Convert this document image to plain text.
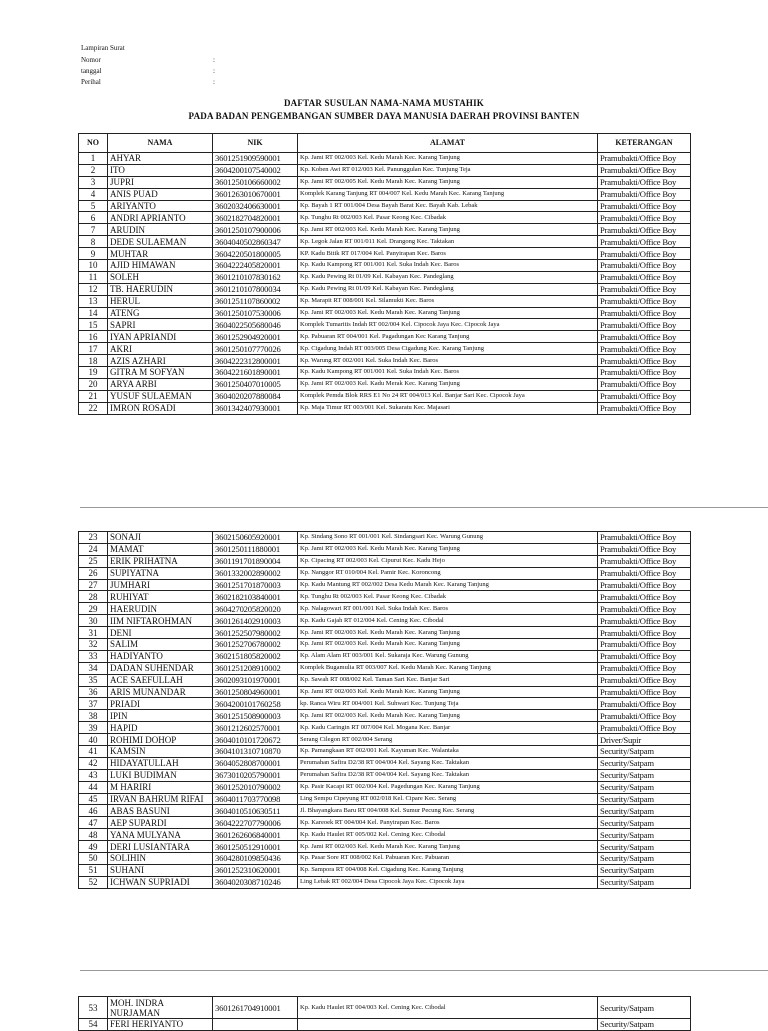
Lampiran Surat
Nomor	:
tanggal	:
Perihal	:
DAFTAR SUSULAN NAMA-NAMA MUSTAHIK
PADA BADAN PENGEMBANGAN SUMBER DAYA MANUSIA DAERAH PROVINSI BANTEN
NO	NAMA	NIK	ALAMAT	KETERANGAN
1	AHYAR	3601251909590001	Kp. Jami RT 002/003 Kel. Kedu Marah Kec. Karang Tanjung	Pramubakti/Office Boy
2	ITO	3604200107540002	Kp. Koben Awi RT 012/003 Kel. Panunggulan Kec. Tunjung Teja	Pramubakti/Office Boy
3	JUPRI	3601250106660002	Kp. Jami RT 002/005 Kel. Kedu Marah Kec. Karang Tanjung	Pramubakti/Office Boy
4	ANIS PUAD	3601263010670001	Komplek Karang Tanjung RT 004/007 Kel. Kedu Marah Kec. Karang Tanjung	Pramubakti/Office Boy
5	ARIYANTO	3602032406630001	Kp. Bayah 1 RT 001/004 Desa Bayah Barat Kec. Bayah Kab. Lebak	Pramubakti/Office Boy
6	ANDRI APRIANTO	3602182704820001	Kp. Tunghu Rt 002/003 Kel. Pasar Keong Kec. Cibadak	Pramubakti/Office Boy
7	ARUDIN	3601250107900006	Kp. Jami RT 002/003 Kel. Kedu Marah Kec. Karang Tanjung	Pramubakti/Office Boy
8	DEDE SULAEMAN	3604040502860347	Kp. Legok Jalan RT 001/011 Kel. Drangong Kec. Taktakan	Pramubakti/Office Boy
9	MUHTAR	3604220501800005	KP. Kadu Bitik RT 017/004 Kel. Panyirapan Kec. Baros	Pramubakti/Office Boy
10	AJID HIMAWAN	3604222405820001	Kp. Kadu Kampong RT 001/001 Kel. Suka Indah Kec. Baros	Pramubakti/Office Boy
11	SOLEH	3601210107830162	Kp. Kadu Pewing Rt 01/09 Kel. Kabayan Kec. Pandeglang	Pramubakti/Office Boy
12	TB. HAERUDIN	3601210107800034	Kp. Kadu Pewing Rt 01/09 Kel. Kabayan Kec. Pandeglang	Pramubakti/Office Boy
13	HERUL	3601251107860002	Kp. Marapit RT 008/001 Kel. Silamukti Kec. Baros	Pramubakti/Office Boy
14	ATENG	3601250107530006	Kp. Jami RT 002/003 Kel. Kedu Marah Kec. Karang Tanjung	Pramubakti/Office Boy
15	SAPRI	3604022505680046	Komplek Tumaritis Indah RT 002/004 Kel. Cipocok Jaya Kec. Cipocok Jaya	Pramubakti/Office Boy
16	IYAN APRIANDI	3601252904920001	Kp. Pabuaran RT 004/001 Kel. Pagadungan Kec Karang Tanjung	Pramubakti/Office Boy
17	AKRI	3601250107770026	Kp. Cigadung Indah RT 003/005 Desa Cigadung Kec. Karang Tanjung	Pramubakti/Office Boy
18	AZIS AZHARI	3604222312800001	Kp. Warung RT 002/001 Kel. Suka Indah Kec. Baros	Pramubakti/Office Boy
19	GITRA M SOFYAN	3604221601890001	Kp. Kadu Kampong RT 001/001 Kel. Suka Indah Kec. Baros	Pramubakti/Office Boy
20	ARYA ARBI	3601250407010005	Kp. Jami RT 002/003 Kel. Kadu Merak Kec. Karang Tanjung	Pramubakti/Office Boy
21	YUSUF SULAEMAN	3604020207880084	Komplek Pemda Blok RRS E1 No 24 RT 004/013 Kel. Banjar Sari Kec. Cipocok Jaya	Pramubakti/Office Boy
22	IMRON ROSADI	3601342407930001	Kp. Maja Timur RT 003/001 Kel. Sukaratu Kec. Majasari	Pramubakti/Office Boy
23	SONAJI	3602150605920001	Kp. Sindang Sono RT 001/001 Kel. Sindangsari Kec. Warung Gunung	Pramubakti/Office Boy
24	MAMAT	3601250111880001	Kp. Jami RT 002/003 Kel. Kedu Marah Kec. Karang Tanjung	Pramubakti/Office Boy
25	ERIK PRIHATNA	3601191701890004	Kp. Cipacing RT 002/003 Kel. Cipurut Kec. Kadu Hejo	Pramubakti/Office Boy
26	SUPIYATNA	3601332002890002	Kp. Nanggor RT 010/004 Kel. Pamir Kec. Koroncong	Pramubakti/Office Boy
27	JUMHARI	3601251701870003	Kp. Kadu Mantung RT 002/002 Desa Kedu Marah Kec. Karang Tanjung	Pramubakti/Office Boy
28	RUHIYAT	3602182103840001	Kp. Tunghu Rt 002/003 Kel. Pasar Keong Kec. Cibadak	Pramubakti/Office Boy
29	HAERUDIN	3604270205820020	Kp. Nalagowari RT 001/001 Kel. Suka Indah Kec. Baros	Pramubakti/Office Boy
30	IIM NIFTAROHMAN	3601261402910003	Kp. Kadu Gajah RT 012/004 Kel. Cening Kec. Cibodal	Pramubakti/Office Boy
31	DENI	3601252507980002	Kp. Jami RT 002/003 Kel. Kedu Marah Kec. Karang Tanjung	Pramubakti/Office Boy
32	SALIM	3601252706780002	Kp. Jami RT 002/003 Kel. Kedu Marah Kec. Karang Tanjung	Pramubakti/Office Boy
33	HADIYANTO	3602151805820002	Kp. Alam Alam RT 003/001 Kel. Sukaraja Kec. Warung Gunung	Pramubakti/Office Boy
34	DADAN SUHENDAR	3601251208910002	Komplek Bugamulia RT 003/007 Kel. Kedu Marah Kec. Karang Tanjung	Pramubakti/Office Boy
35	ACE SAEFULLAH	3602093101970001	Kp. Sawah RT 008/002 Kel. Taman Sari Kec. Banjar Sari	Pramubakti/Office Boy
36	ARIS MUNANDAR	3601250804960001	Kp. Jami RT 002/003 Kel. Kedu Marah Kec. Karang Tanjung	Pramubakti/Office Boy
37	PRIADI	3604200101760258	kp. Ranca Wiru RT 004/001 Kel. Suhwari Kec. Tunjung Teja	Pramubakti/Office Boy
38	IPIN	3601251508900003	Kp. Jami RT 002/003 Kel. Kedu Marah Kec. Karang Tanjung	Pramubakti/Office Boy
39	HAPID	3601212602570001	Kp. Kadu Caringin RT 007/004 Kel. Mogana Kec. Banjar	Pramubakti/Office Boy
40	ROHIMI DOHOP	3604010101720672	Serang Cilegon RT 002/004 Serang	Driver/Supir
41	KAMSIN	3604101310710870	Kp. Pamangkaan RT 002/001 Kel. Kayuman Kec. Walantaka	Security/Satpam
42	HIDAYATULLAH	3604052808700001	Perumahan Safira D2/38 RT 004/004 Kel. Sayang Kec. Taktakan	Security/Satpam
43	LUKI BUDIMAN	3673010205790001	Perumahan Safira D2/38 RT 004/004 Kel. Sayang Kec. Taktakan	Security/Satpam
44	M HARIRI	3601252010790002	Kp. Pasir Kacapi RT 002/004 Kel. Pagedungan Kec. Karang Tanjung	Security/Satpam
45	IRVAN BAHRUM RIFAI	3604011703770098	Ling Sempu Cipeyung RT 002/018 Kel. Cipare Kec. Serang	Security/Satpam
46	ABAS BASUNI	3604010510630511	Jl. Bhayangkara Baru RT 004/008 Kel. Sumur Pecung Kec. Serang	Security/Satpam
47	AEP SUPARDI	3604222707790006	Kp. Kareoek RT 004/004 Kel. Panyirapan Kec. Baros	Security/Satpam
48	YANA MULYANA	3601262606840001	Kp. Kadu Haulet RT 005/002 Kel. Cening Kec. Cibodal	Security/Satpam
49	DERI LUSIANTARA	3601250512910001	Kp. Jami RT 002/003 Kel. Kedu Marah Kec. Karang Tanjung	Security/Satpam
50	SOLIHIN	3604280109850436	Kp. Pasar Sore RT 008/002 Kel. Pabuaran Kec. Pabuaran	Security/Satpam
51	SUHANI	3601252310620001	Kp. Sampora RT 004/008 Kel. Cigadung Kec. Karang Tanjung	Security/Satpam
52	ICHWAN SUPRIADI	3604020308710246	Ling Lebak RT 002/004 Desa Cipocok Jaya Kec. Cipocok Jaya	Security/Satpam
53	MOH. INDRA NURJAMAN	3601261704910001	Kp. Kadu Haulet RT 004/003 Kel. Cening Kec. Cibodal	Security/Satpam
54	FERI HERIYANTO			Security/Satpam
